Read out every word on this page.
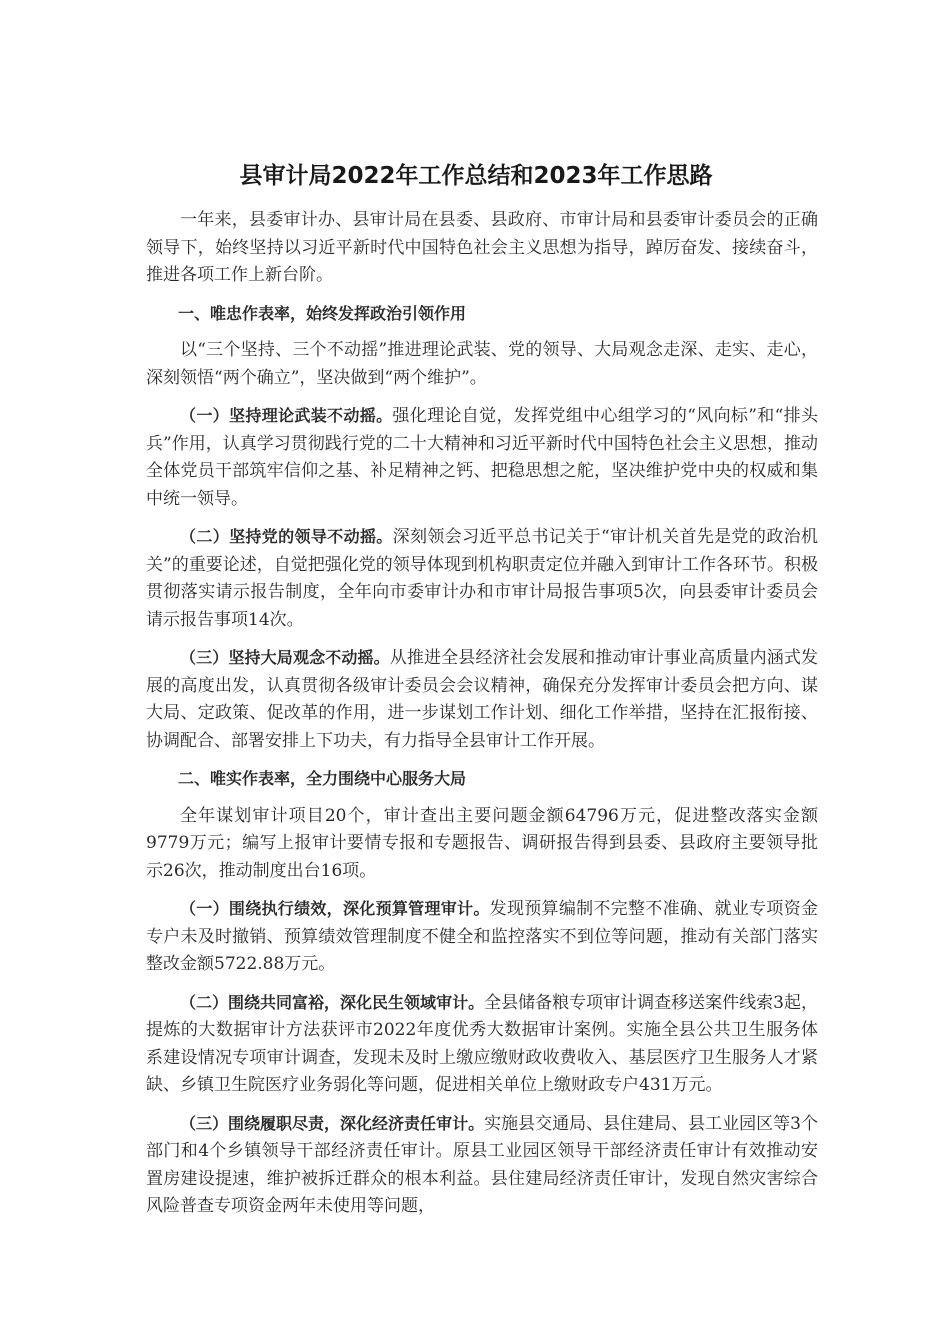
县审计局2022年工作总结和2023年工作思路

一年来，县委审计办、县审计局在县委、县政府、市审计局和县委审计委员会的正确领导下，始终坚持以习近平新时代中国特色社会主义思想为指导，踔厉奋发、接续奋斗，推进各项工作上新台阶。

一、唯忠作表率，始终发挥政治引领作用

以“三个坚持、三个不动摇”推进理论武装、党的领导、大局观念走深、走实、走心，深刻领悟“两个确立”，坚决做到“两个维护”。

（一）坚持理论武装不动摇。强化理论自觉，发挥党组中心组学习的“风向标”和“排头兵”作用，认真学习贯彻践行党的二十大精神和习近平新时代中国特色社会主义思想，推动全体党员干部筑牢信仰之基、补足精神之钙、把稳思想之舵，坚决维护党中央的权威和集中统一领导。

（二）坚持党的领导不动摇。深刻领会习近平总书记关于“审计机关首先是党的政治机关”的重要论述，自觉把强化党的领导体现到机构职责定位并融入到审计工作各环节。积极贯彻落实请示报告制度，全年向市委审计办和市审计局报告事项5次，向县委审计委员会请示报告事项14次。

（三）坚持大局观念不动摇。从推进全县经济社会发展和推动审计事业高质量内涵式发展的高度出发，认真贯彻各级审计委员会会议精神，确保充分发挥审计委员会把方向、谋大局、定政策、促改革的作用，进一步谋划工作计划、细化工作举措，坚持在汇报衔接、协调配合、部署安排上下功夫，有力指导全县审计工作开展。

二、唯实作表率，全力围绕中心服务大局

全年谋划审计项目20个，审计查出主要问题金额64796万元，促进整改落实金额9779万元；编写上报审计要情专报和专题报告、调研报告得到县委、县政府主要领导批示26次，推动制度出台16项。

（一）围绕执行绩效，深化预算管理审计。发现预算编制不完整不准确、就业专项资金专户未及时撤销、预算绩效管理制度不健全和监控落实不到位等问题，推动有关部门落实整改金额5722.88万元。

（二）围绕共同富裕，深化民生领域审计。全县储备粮专项审计调查移送案件线索3起，提炼的大数据审计方法获评市2022年度优秀大数据审计案例。实施全县公共卫生服务体系建设情况专项审计调查，发现未及时上缴应缴财政收费收入、基层医疗卫生服务人才紧缺、乡镇卫生院医疗业务弱化等问题，促进相关单位上缴财政专户431万元。

（三）围绕履职尽责，深化经济责任审计。实施县交通局、县住建局、县工业园区等3个部门和4个乡镇领导干部经济责任审计。原县工业园区领导干部经济责任审计有效推动安置房建设提速，维护被拆迁群众的根本利益。县住建局经济责任审计，发现自然灾害综合风险普查专项资金两年未使用等问题，
